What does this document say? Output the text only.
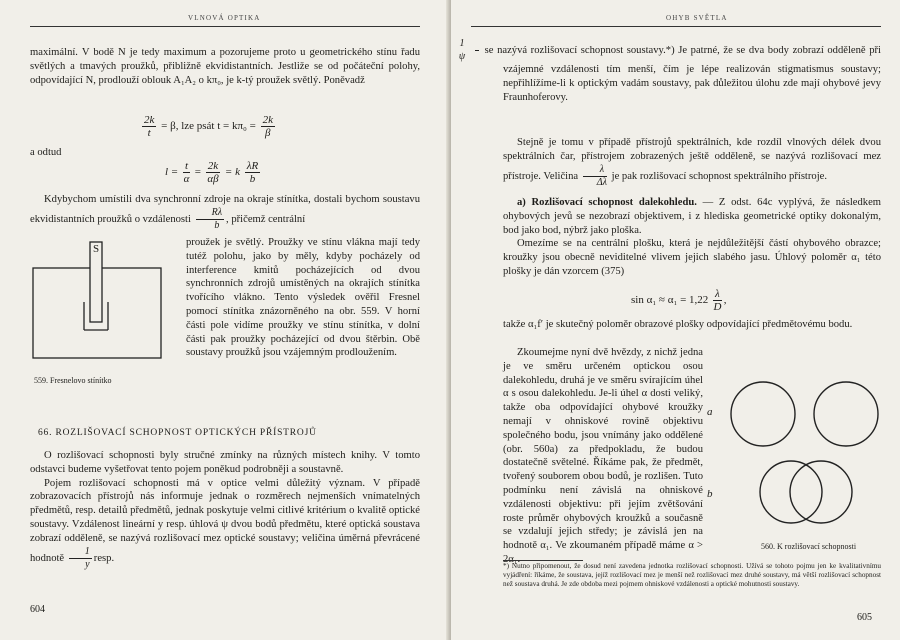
VLNOVÁ OPTIKA

maximální. V bodě N je tedy maximum a pozorujeme proto u geometrického stínu řadu světlých a tmavých proužků, přibližně ekvidistantních. Jestliže se od počáteční polohy, odpovídající N, prodlouží oblouk A₁A₂ o kπ₀, je k-tý proužek světlý. Poněvadž

$\frac{2k}{t} = \beta$, lze psát $t = k\pi_0 = \frac{2k}{\beta}$
a odtud
$l = \frac{t}{\alpha} = \frac{2k}{\alpha\beta} = k \frac{\lambda R}{b}$

Kdybychom umístili dva synchronní zdroje na okraje stínítka, dostali bychom soustavu ekvidistantních proužků o vzdálenosti $\frac{R\lambda}{b}$ , přičemž centrální

S
559. Fresnelovo stínítko

proužek je světlý. Proužky ve stínu vlákna mají tedy tutéž polohu, jako by měly, kdyby pocházely od interference kmitů pocházejících od dvou synchronních zdrojů umístěných na okrajích stínítka tvořícího vlákno. Tento výsledek ověřil Fresnel pomocí stínítka znázorněného na obr. 559. V horní části pole vidíme proužky ve stínu stínítka, v dolní části pak proužky pocházející od dvou štěrbin. Obě soustavy proužků jsou vzájemným prodloužením.

66. ROZLIŠOVACÍ SCHOPNOST OPTICKÝCH PŘÍSTROJŮ

O rozlišovací schopnosti byly stručné zmínky na různých místech knihy. V tomto odstavci budeme vyšetřovat tento pojem poněkud podrobněji a soustavně.

Pojem rozlišovací schopnosti má v optice velmi důležitý význam. V případě zobrazovacích přístrojů nás informuje jednak o rozměrech nejmenších vnímatelných předmětů, resp. detailů předmětů, jednak poskytuje velmi citlivé kritérium o kvalitě optické soustavy. Vzdálenost lineární y resp. úhlová ψ dvou bodů předmětu, které optická soustava zobrazí odděleně, se nazývá rozlišovací mez optické soustavy; veličina úměrná převrácené hodnotě $\frac{1}{y}$ resp.

604
OHYB SVĚTLA

$\frac{1}{\psi}$ se nazývá rozlišovací schopnost soustavy.*) Je patrné, že se dva body zobrazí odděleně při vzájemné vzdálenosti tím menší, čím je lépe realizován stigmatismus soustavy; nepřihlížíme-li k optickým vadám soustavy, pak důležitou úlohu zde mají ohybové jevy Fraunhoferovy.

Stejně je tomu v případě přístrojů spektrálních, kde rozdíl vlnových délek dvou spektrálních čar, přístrojem zobrazených ještě odděleně, se nazývá rozlišovací mez přístroje. Veličina $\frac{\lambda}{\Delta\lambda}$ je pak rozlišovací schopnost spektrálního přístroje.

a) Rozlišovací schopnost dalekohledu. — Z odst. 64c vyplývá, že následkem ohybových jevů se nezobrazí objektivem, i z hlediska geometrické optiky dokonalým, bod jako bod, nýbrž jako ploška.

Omezíme se na centrální plošku, která je nejdůležitější částí ohybového obrazce; kroužky jsou obecně neviditelné vlivem jejich slabého jasu. Úhlový poloměr α₁ této plošky je dán vzorcem (375)

$\sin \alpha_1 \approx \alpha_1 = 1,22 \frac{\lambda}{D}$ ,

takže α₁f′ je skutečný poloměr obrazové plošky odpovídající předmětovému bodu.

Zkoumejme nyní dvě hvězdy, z nichž jedna je ve směru určeném optickou osou dalekohledu, druhá je ve směru svírajícím úhel α s osou dalekohledu. Je-li úhel α dosti veliký, takže oba odpovídající ohybové kroužky nemají v ohniskové rovině objektivu společného bodu, jsou vnímány jako oddělené (obr. 560a) za předpokladu, že budou dostatečně světelné. Říkáme pak, že předmět, tvořený souborem obou bodů, je rozlišen. Tuto podmínku není závislá na ohniskové vzdálenosti objektivu: při jejím zvětšování roste průměr ohybových kroužků a současně se vzdalují jejich středy; je závislá jen na hodnotě α₁. Ve zkoumaném případě máme α >

a
b
560. K rozlišovací schopnosti
*) Nutno připomenout, že dosud není zavedena jednotka rozlišovací schopnosti. Užívá se tohoto pojmu jen ke kvalitativnímu vyjádření: říkáme, že soustava, jejíž rozlišovací mez je menší než rozlišovací mez druhé soustavy, má větší rozlišovací schopnost než soustava druhá. Je zde obdoba mezi pojmem ohniskové vzdálenosti a optické mohutnosti soustavy.
605
